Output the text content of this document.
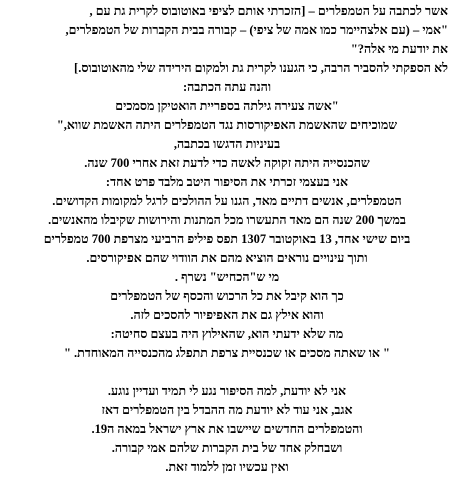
אשר לכתבה על הטמפלרים – [הזכרתי אותם לציפי באוטובוס לקרית גת עם ,
"אמי – (עם אלצהיימר כמו אמה של ציפי) – קבורה בבית הקברות של הטמפלרים,
את יודעת מי אלה?"
לא הספקתי להסביר הרבה, כי הגענו לקרית גת ולמקום הירידה שלי מהאוטובוס.]
והנה עתה הכתבה:
"אשה צעירה גילתה בספריית הואטיקן מסמכים
שמוכיחים שהאשמת האפיקורסות נגד הטמפלרים היתה האשמת שווא,"
בעיניות הדגשו בכתבה,
שהכנסייה היתה זקוקה לאשה כדי לדעת זאת אחרי 700 שנה.
אני בעצמי זכרתי את הסיפור היטב מלבד פרט אחד:
הטמפלרים, אנשים דתיים מאד, הגנו על ההולכים לרגל למקומות הקדושים.
במשך 200 שנה הם מאד התעשרו מכל המתנות והירושות שקיבלו מהאנשים.
ביום שישי אחד, 13 באוקטובר 1307 תפס פיליפ הרביעי מצרפת 700 טמפלרים
ותוך עינויים נוראים הוציא מהם את הוודוי שהם אפיקורסים.
מי ש"הכחיש" נשרף .
כך הוא קיבל את כל הרכוש והכסף של הטמפלרים
והוא אילץ גם את האפיפיור להסכים לזה.
מה שלא ידעתי הוא, שהאילוץ היה בעצם סחיטה:
" או שאתה מסכים או שכנסיית צרפת תתפלג מהכנסייה המאוחדת. "
אני לא יודעת, למה הסיפור נגע לי תמיד ועדיין נוגע.
אגב, אני עוד לא יודעת מה ההבדל בין הטמפלרים דאז
והטמפלרים החדשים שיישבו את ארץ ישראל במאה ה19.
ושבחלק אחד של בית הקברות שלהם אמי קבורה.
ואין עכשיו זמן ללמוד זאת.
